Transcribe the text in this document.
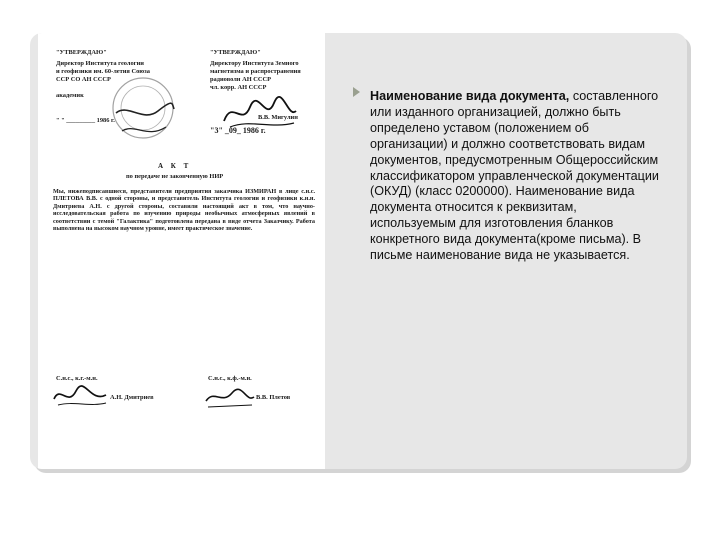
"УТВЕРЖДАЮ"
Директор Института геологии
и геофизики им. 60-летия Союза
ССР СО АН СССР
академик
" " _________ 1986 г.
"УТВЕРЖДАЮ"
Директору Института Земного
магнетизма и распространения
радиоволн АН СССР
чл. корр. АН СССР
В.В. Мигулин
"3" _09_ 1986 г.
А К Т
по передаче не законченную НИР
Мы, нижеподписавшиеся, представители предприятия заказчика ИЗМИРАН в лице с.н.с. ПЛЕТОВА В.В. с одной стороны, и представитель Института геологии и геофизики к.н.н. Дмитриева А.Н. с другой стороны, составили настоящий акт в том, что научно-исследовательская работа по изучению природы необычных атмосферных явлений в соответствии с темой "Галактика" подготовлена передана в виде отчета Заказчику. Работа выполнена на высоком научном уровне, имеет практическое значение.
С.н.с., к.г.-м.н.
А.Н. Дмитриев
С.н.с., к.ф.-м.н.
В.В. Плетов
Наименование вида документа, составленного или изданного организацией, должно быть определено уставом (положением об организации) и должно соответствовать видам документов, предусмотренным Общероссийским классификатором управленческой документации (ОКУД) (класс 0200000). Наименование вида документа относится к реквизитам, используемым для изготовления бланков конкретного вида документа(кроме письма). В письме наименование вида не указывается.
